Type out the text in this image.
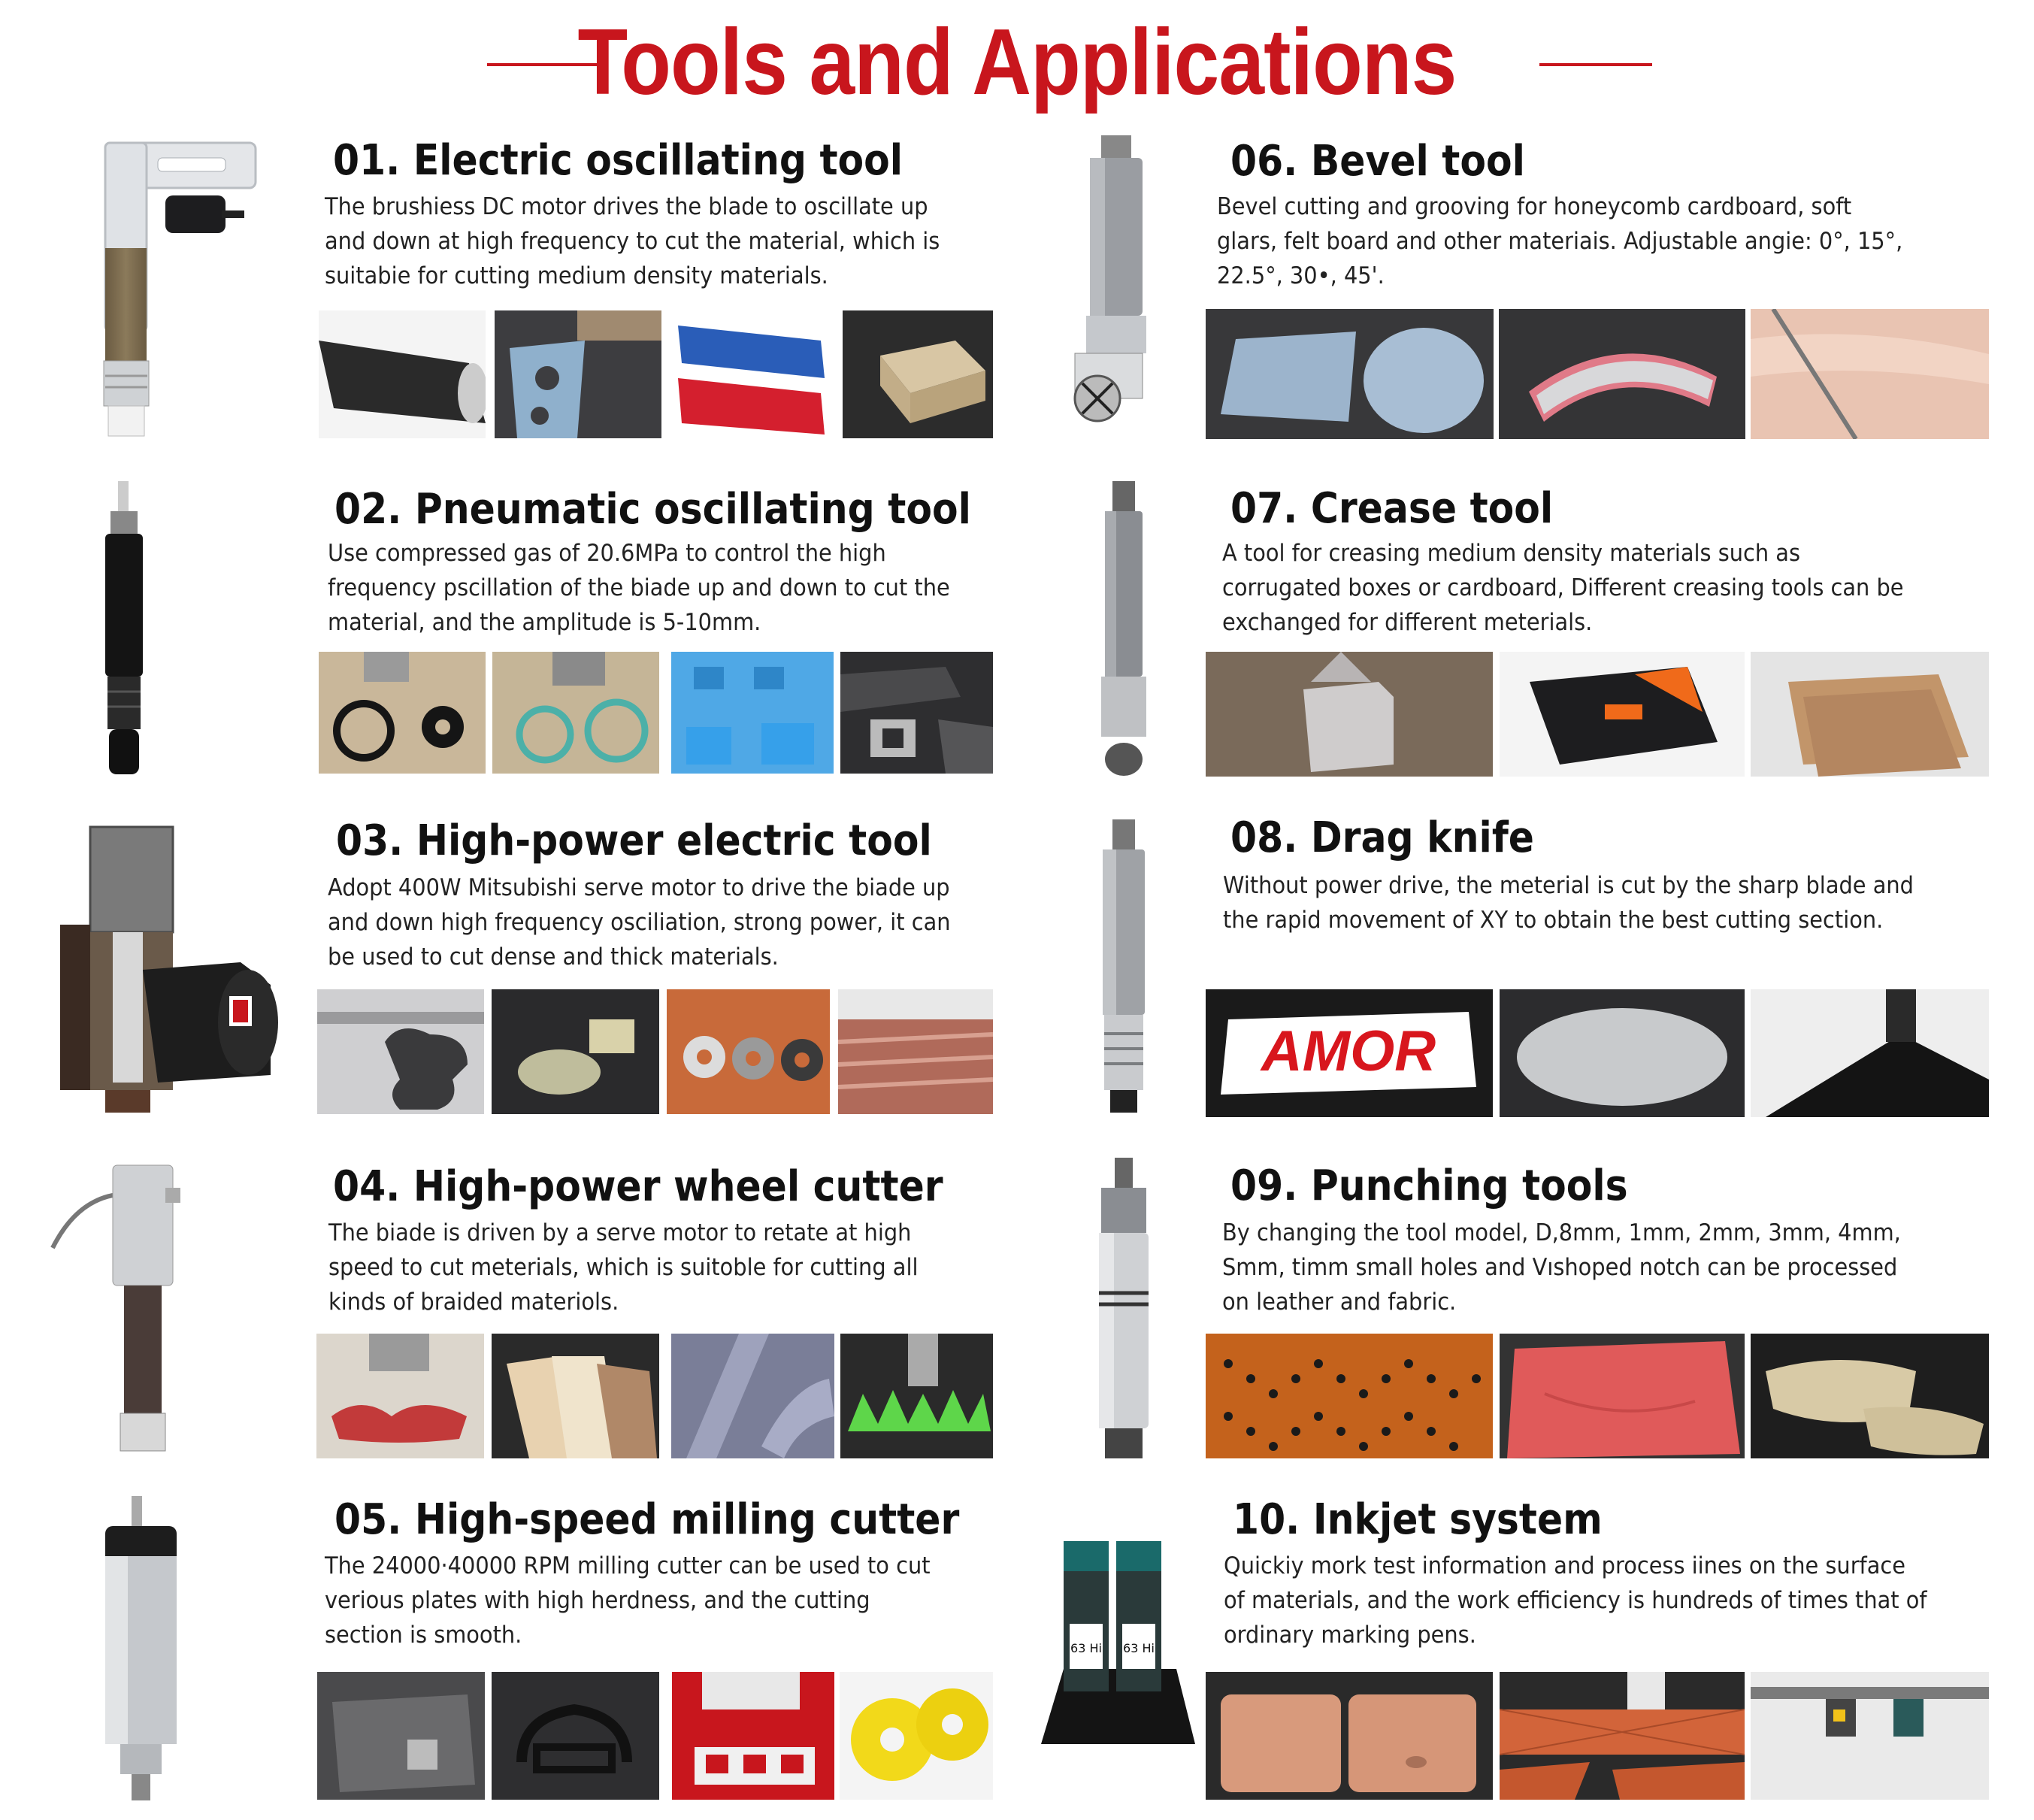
Tools and Applications
01. Electric oscillating tool
The brushiess DC motor drives the blade to oscillate up and down at high frequency to cut the material, which is suitabie for cutting medium density materials.
02. Pneumatic oscillating tool
Use compressed gas of 20.6MPa to control the high frequency pscillation of the biade up and down to cut the material, and the amplitude is 5-10mm.
03. High-power electric tool
Adopt 400W Mitsubishi serve motor to drive the biade up and down high frequency osciliation, strong power, it can be used to cut dense and thick materials.
04. High-power wheel cutter
The biade is driven by a serve motor to retate at high speed to cut meterials, which is suitoble for cutting all kinds of braided materiols.
05. High-speed milling cutter
The 24000·40000 RPM milling cutter can be used to cut verious plates with high herdness, and the cutting section is smooth.
06. Bevel tool
Bevel cutting and grooving for honeycomb cardboard, soft glars, felt board and other materiais. Adjustable angie: 0°, 15°, 22.5°, 30•, 45'.
07. Crease tool
A tool for creasing medium density materials such as corrugated boxes or cardboard, Different creasing tools can be exchanged for different meterials.
08. Drag knife
Without power drive, the meterial is cut by the sharp blade and the rapid movement of XY to obtain the best cutting section.
AMOR
09. Punching tools
By changing the tool model, D,8mm, 1mm, 2mm, 3mm, 4mm, Smm, timm small holes and Vıshoped notch can be processed on leather and fabric.
63 Hi 63 Hi
10. Inkjet system
Quickiy mork test information and process iines on the surface of materials, and the work efficiency is hundreds of times that of ordinary marking pens.
